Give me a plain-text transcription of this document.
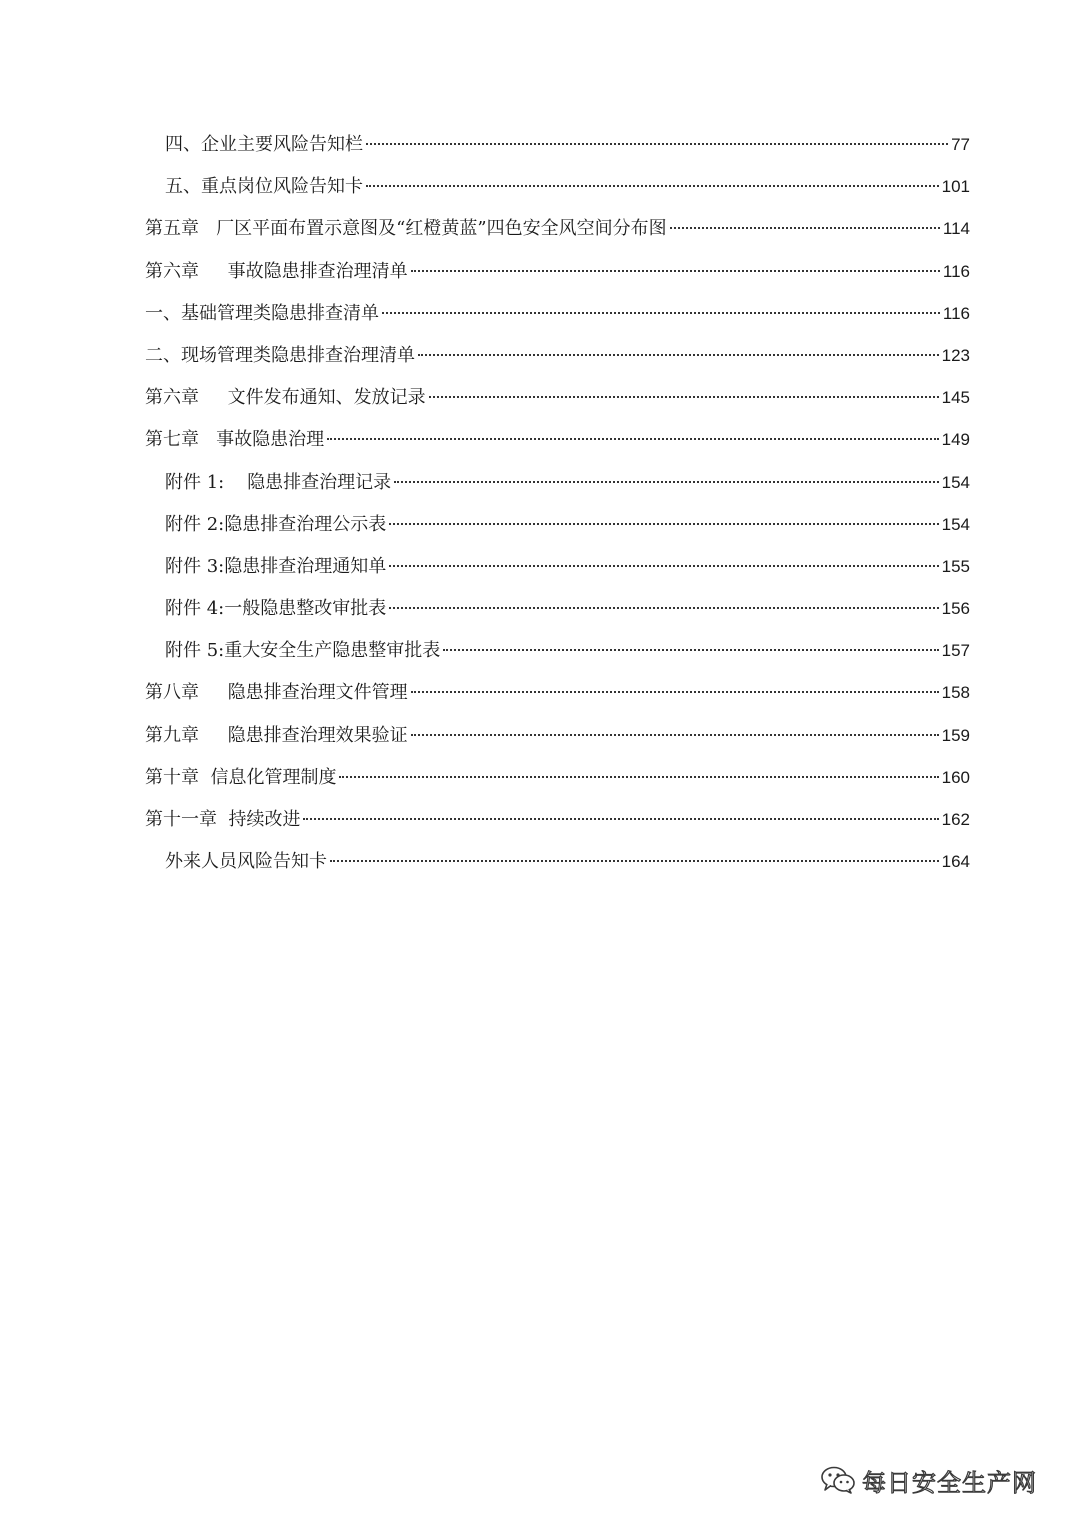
四、企业主要风险告知栏	77
五、重点岗位风险告知卡	101
第五章   厂区平面布置示意图及“红橙黄蓝”四色安全风空间分布图	114
第六章     事故隐患排查治理清单	116
一、基础管理类隐患排查清单	116
二、现场管理类隐患排查治理清单	123
第六章     文件发布通知、发放记录	145
第七章   事故隐患治理	149
附件 1:    隐患排查治理记录	154
附件 2:隐患排查治理公示表	154
附件 3:隐患排查治理通知单	155
附件 4:一般隐患整改审批表	156
附件 5:重大安全生产隐患整审批表	157
第八章     隐患排查治理文件管理	158
第九章     隐患排查治理效果验证	159
第十章  信息化管理制度	160
第十一章  持续改进	162
外来人员风险告知卡	164
每日安全生产网
